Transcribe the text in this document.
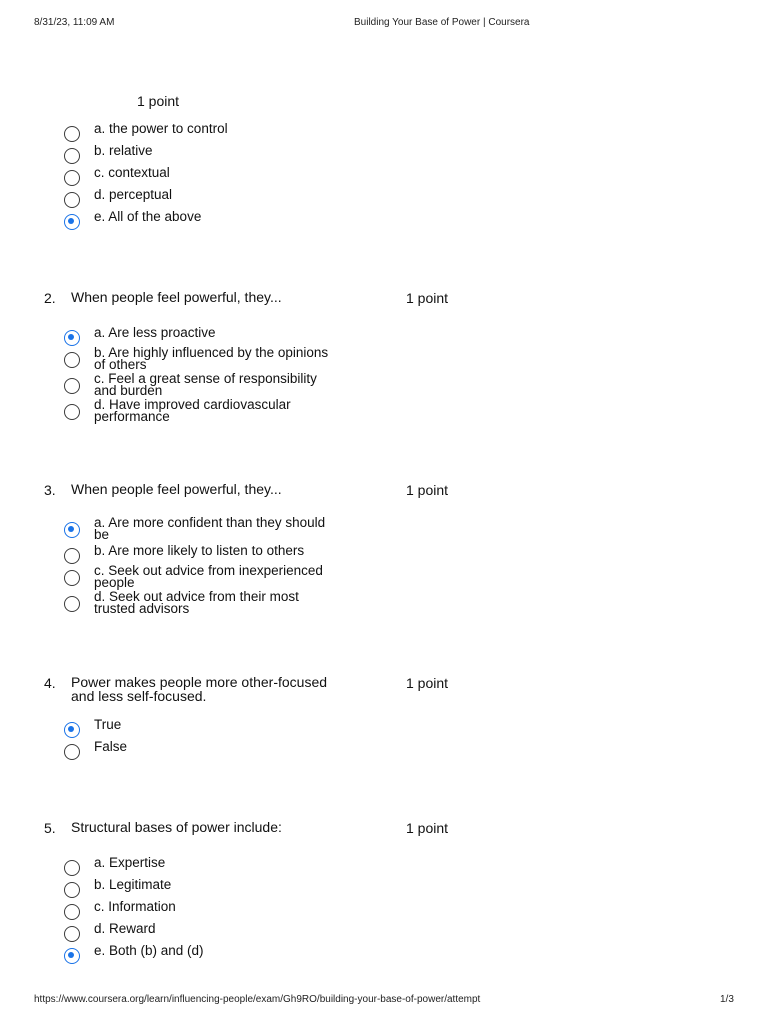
8/31/23, 11:09 AM	Building Your Base of Power | Coursera
1 point
a. the power to control
b. relative
c. contextual
d. perceptual
e. All of the above
2. When people feel powerful, they...	1 point
a. Are less proactive
b. Are highly influenced by the opinions of others
c. Feel a great sense of responsibility and burden
d. Have improved cardiovascular performance
3. When people feel powerful, they...	1 point
a. Are more confident than they should be
b. Are more likely to listen to others
c. Seek out advice from inexperienced people
d. Seek out advice from their most trusted advisors
4. Power makes people more other-focused and less self-focused.
1 point
True
False
5. Structural bases of power include:	1 point
a. Expertise
b. Legitimate
c. Information
d. Reward
e. Both (b) and (d)
https://www.coursera.org/learn/influencing-people/exam/Gh9RO/building-your-base-of-power/attempt	1/3
